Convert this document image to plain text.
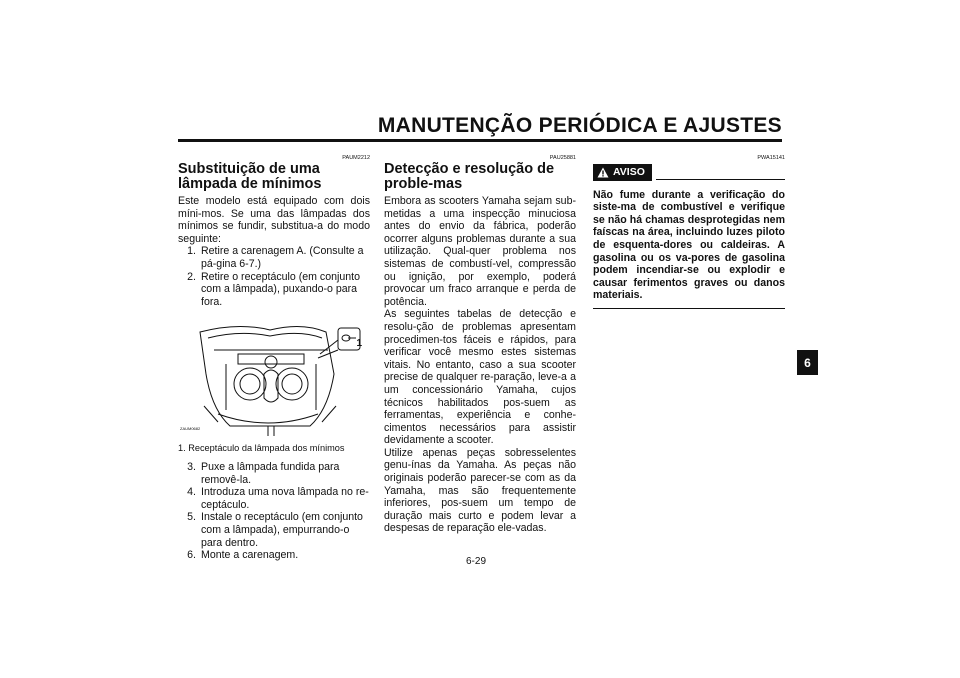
MANUTENÇÃO PERIÓDICA E AJUSTES
PAUM2212
Substituição de uma lâmpada de mínimos

Este modelo está equipado com dois míni-mos. Se uma das lâmpadas dos mínimos se fundir, substitua-a do modo seguinte:

1. Retire a carenagem A. (Consulte a pá-gina 6-7.)
2. Retire o receptáculo (em conjunto com a lâmpada), puxando-o para fora.
1
ZAUM0682
1. Receptáculo da lâmpada dos mínimos
3. Puxe a lâmpada fundida para removê-la.
4. Introduza uma nova lâmpada no re-ceptáculo.
5. Instale o receptáculo (em conjunto com a lâmpada), empurrando-o para dentro.
6. Monte a carenagem.
PAU25881
Detecção e resolução de proble-mas

Embora as scooters Yamaha sejam sub-metidas a uma inspecção minuciosa antes do envio da fábrica, poderão ocorrer alguns problemas durante a sua utilização. Qual-quer problema nos sistemas de combustí-vel, compressão ou ignição, por exemplo, poderá provocar um fraco arranque e perda de potência.

As seguintes tabelas de detecção e resolu-ção de problemas apresentam procedimen-tos fáceis e rápidos, para verificar você mesmo estes sistemas vitais. No entanto, caso a sua scooter precise de qualquer re-paração, leve-a a um concessionário Yamaha, cujos técnicos habilitados pos-suem as ferramentas, experiência e conhe-cimentos necessários para assistir devidamente a scooter.

Utilize apenas peças sobresselentes genu-ínas da Yamaha. As peças não originais poderão parecer-se com as da Yamaha, mas são frequentemente inferiores, pos-suem um tempo de duração mais curto e podem levar a despesas de reparação ele-vadas.

PWA15141
AVISO
Não fume durante a verificação do siste-ma de combustível e verifique se não há chamas desprotegidas nem faíscas na área, incluindo luzes piloto de esquenta-dores ou caldeiras. A gasolina ou os va-pores de gasolina podem incendiar-se ou explodir e causar ferimentos graves ou danos materiais.
6-29
6
